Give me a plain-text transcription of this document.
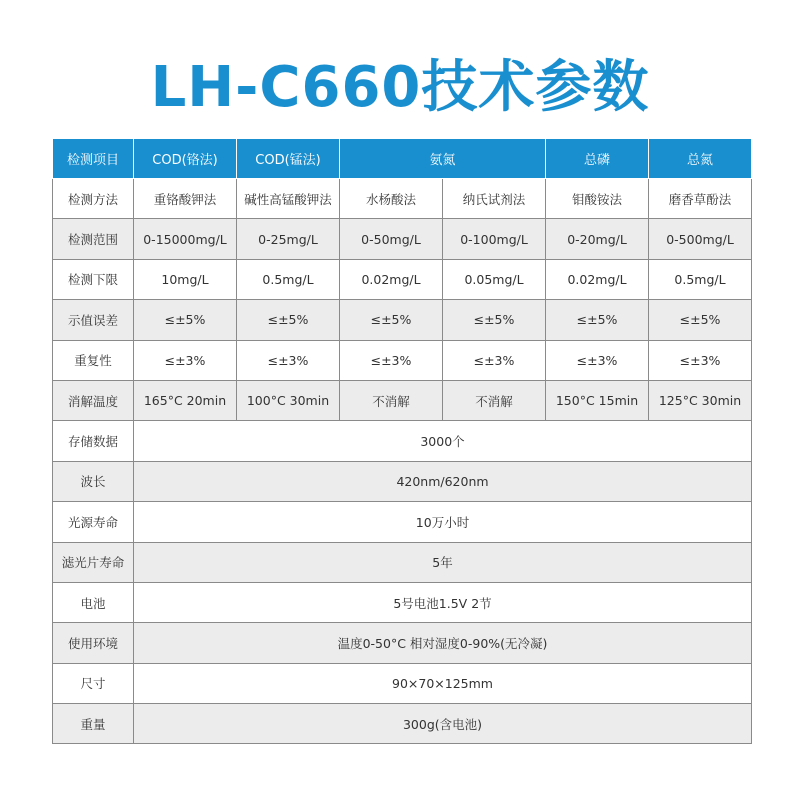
LH-C660技术参数
检测项目	COD(铬法)	COD(锰法)	氨氮		总磷	总氮
检测方法	重铬酸钾法	碱性高锰酸钾法	水杨酸法	纳氏试剂法	钼酸铵法	磨香草酚法
检测范围	0-15000mg/L	0-25mg/L	0-50mg/L	0-100mg/L	0-20mg/L	0-500mg/L
检测下限	10mg/L	0.5mg/L	0.02mg/L	0.05mg/L	0.02mg/L	0.5mg/L
示值误差	≤±5%	≤±5%	≤±5%	≤±5%	≤±5%	≤±5%
重复性	≤±3%	≤±3%	≤±3%	≤±3%	≤±3%	≤±3%
消解温度	165°C 20min	100°C 30min	不消解	不消解	150°C 15min	125°C 30min
存储数据	3000个					
波长	420nm/620nm					
光源寿命	10万小时					
滤光片寿命	5年					
电池	5号电池1.5V 2节					
使用环境	温度0-50°C 相对湿度0-90%(无冷凝)					
尺寸	90×70×125mm					
重量	300g(含电池)					
